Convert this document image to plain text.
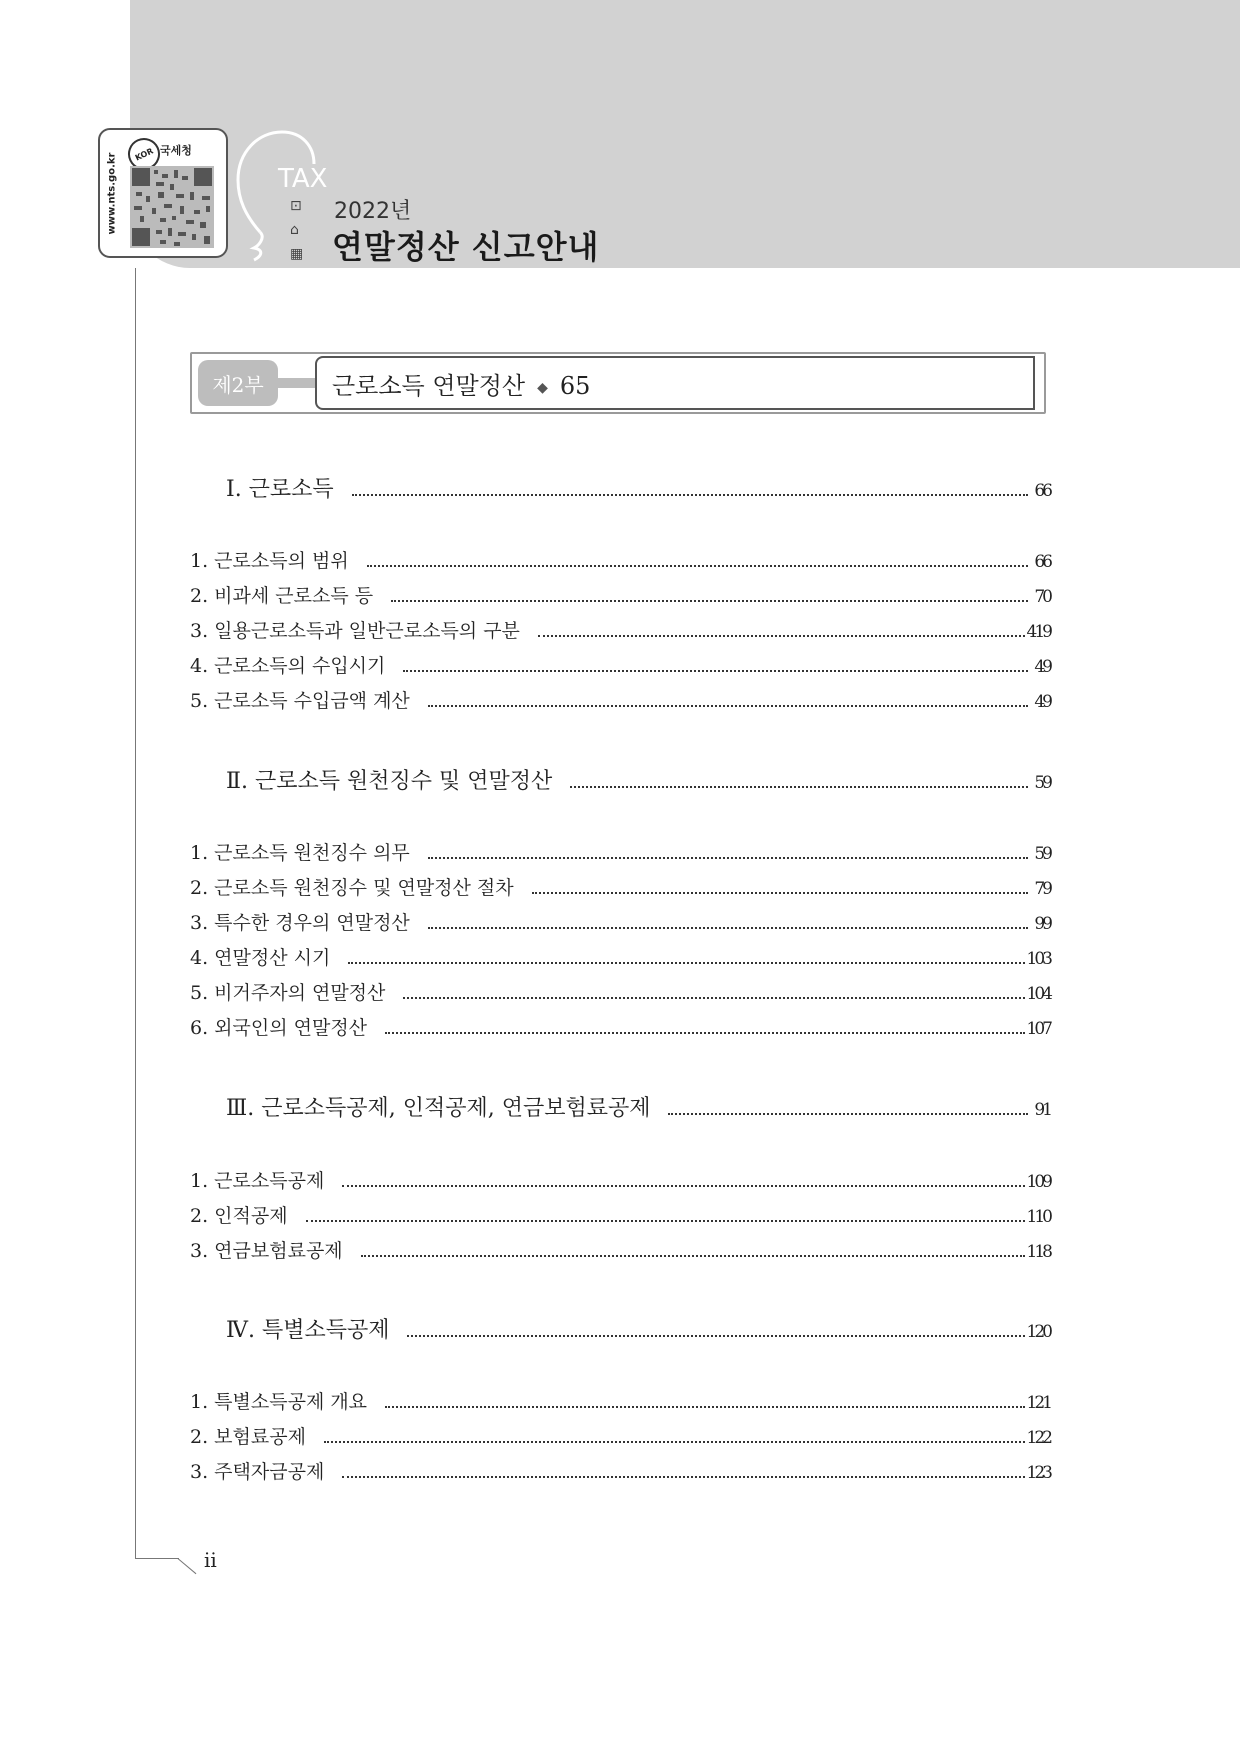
www.nts.go.kr	KOR 국세청
TAX
⊡
⌂
▦
2022년
연말정산 신고안내
제2부	근로소득 연말정산 ◆ 65
Ⅰ. 근로소득	66
1. 근로소득의 범위	66
2. 비과세 근로소득 등	70
3. 일용근로소득과 일반근로소득의 구분	419
4. 근로소득의 수입시기	49
5. 근로소득 수입금액 계산	49
Ⅱ. 근로소득 원천징수 및 연말정산	59
1. 근로소득 원천징수 의무	59
2. 근로소득 원천징수 및 연말정산 절차	79
3. 특수한 경우의 연말정산	99
4. 연말정산 시기	103
5. 비거주자의 연말정산	104
6. 외국인의 연말정산	107
Ⅲ. 근로소득공제, 인적공제, 연금보험료공제	91
1. 근로소득공제	109
2. 인적공제	110
3. 연금보험료공제	118
Ⅳ. 특별소득공제	120
1. 특별소득공제 개요	121
2. 보험료공제	122
3. 주택자금공제	123
ii
